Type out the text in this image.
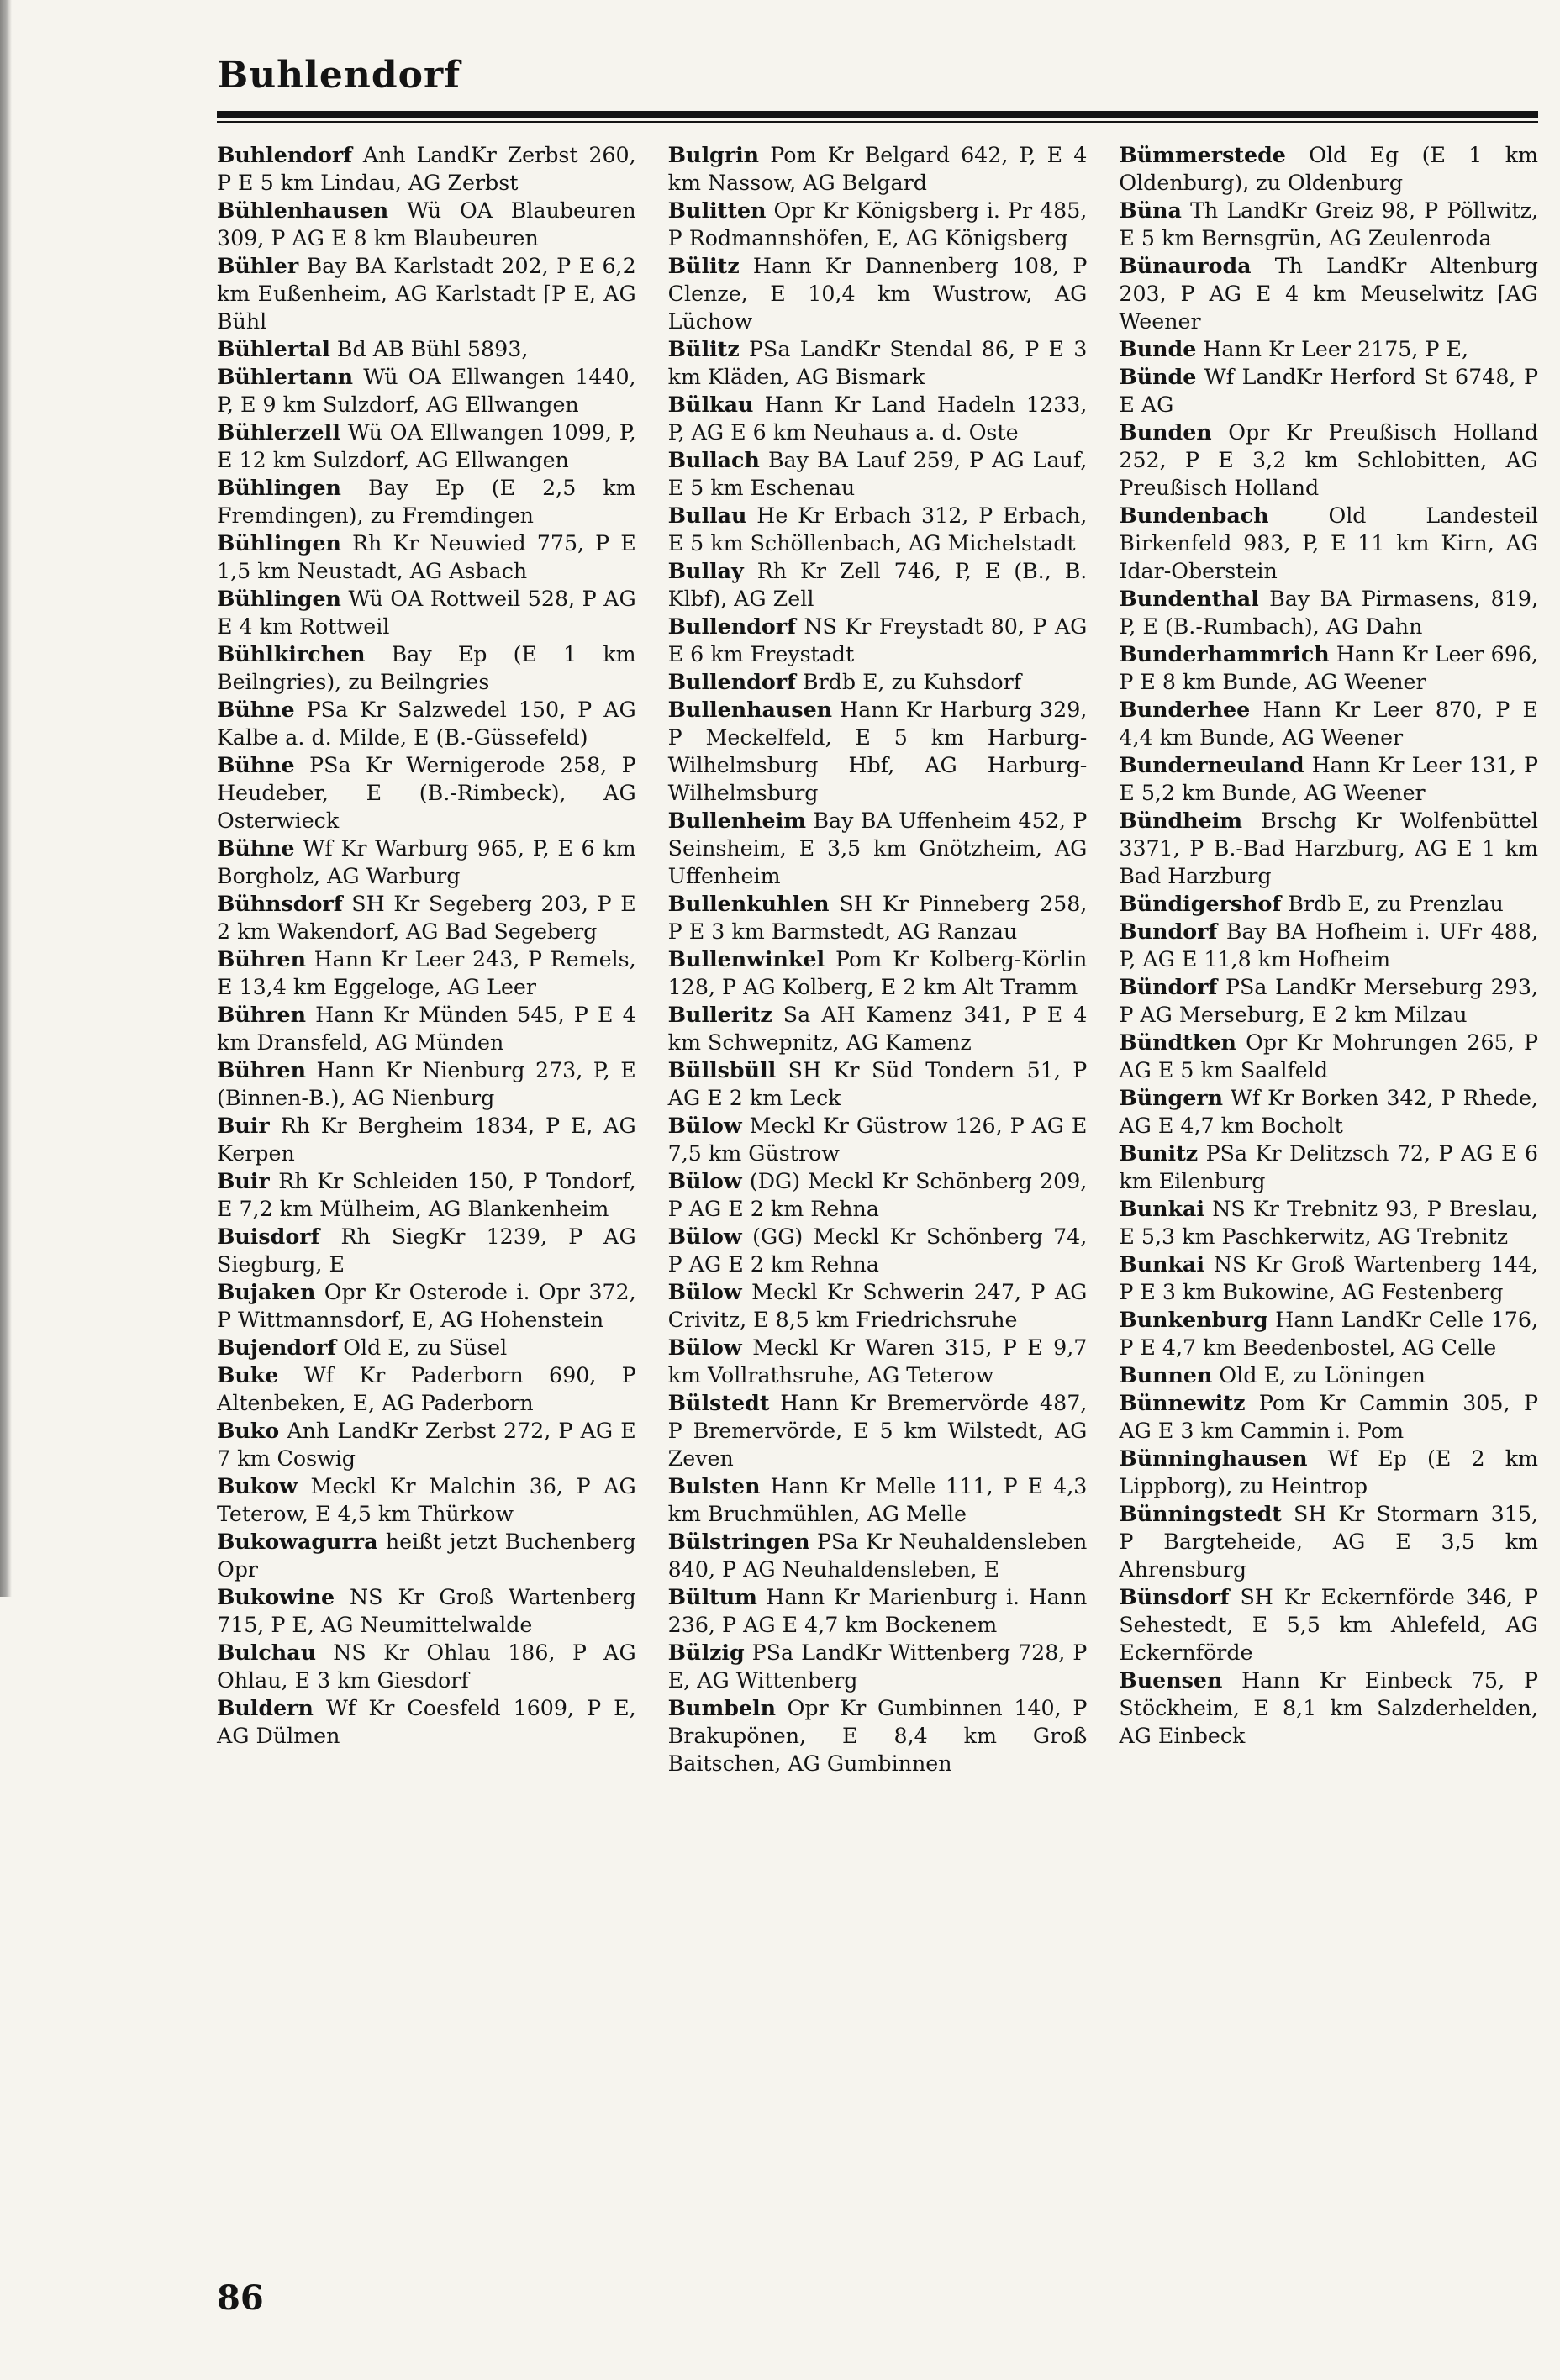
Buhlendorf

Buhlendorf Anh LandKr Zerbst 260, P E 5 km Lindau, AG Zerbst

Bühlenhausen Wü OA Blaubeuren 309, P AG E 8 km Blaubeuren

Bühler Bay BA Karlstadt 202, P E 6,2 km Eußenheim, AG Karlstadt ⌈P E, AG Bühl

Bühlertal Bd AB Bühl 5893,

Bühlertann Wü OA Ellwangen 1440, P, E 9 km Sulzdorf, AG Ellwangen

Bühlerzell Wü OA Ellwangen 1099, P, E 12 km Sulzdorf, AG Ellwangen

Bühlingen Bay Ep (E 2,5 km Fremdingen), zu Fremdingen

Bühlingen Rh Kr Neuwied 775, P E 1,5 km Neustadt, AG Asbach

Bühlingen Wü OA Rottweil 528, P AG E 4 km Rottweil

Bühlkirchen Bay Ep (E 1 km Beilngries), zu Beilngries

Bühne PSa Kr Salzwedel 150, P AG Kalbe a. d. Milde, E (B.-Güssefeld)

Bühne PSa Kr Wernigerode 258, P Heudeber, E (B.-Rimbeck), AG Osterwieck

Bühne Wf Kr Warburg 965, P, E 6 km Borgholz, AG Warburg

Bühnsdorf SH Kr Segeberg 203, P E 2 km Wakendorf, AG Bad Segeberg

Bühren Hann Kr Leer 243, P Remels, E 13,4 km Eggelоge, AG Leer

Bühren Hann Kr Münden 545, P E 4 km Dransfeld, AG Münden

Bühren Hann Kr Nienburg 273, P, E (Binnen-B.), AG Nienburg

Buir Rh Kr Bergheim 1834, P E, AG Kerpen

Buir Rh Kr Schleiden 150, P Tondorf, E 7,2 km Mülheim, AG Blankenheim

Buisdorf Rh SiegKr 1239, P AG Siegburg, E

Bujaken Opr Kr Osterode i. Opr 372, P Wittmannsdorf, E, AG Hohenstein

Bujendorf Old E, zu Süsel

Buke Wf Kr Paderborn 690, P Altenbeken, E, AG Paderborn

Buko Anh LandKr Zerbst 272, P AG E 7 km Coswig

Bukow Meckl Kr Malchin 36, P AG Teterow, E 4,5 km Thürkow

Bukowagurra heißt jetzt Buchenberg Opr

Bukowine NS Kr Groß Wartenberg 715, P E, AG Neumittelwalde

Bulchau NS Kr Ohlau 186, P AG Ohlau, E 3 km Giesdorf

Buldern Wf Kr Coesfeld 1609, P E, AG Dülmen

Bulgrin Pom Kr Belgard 642, P, E 4 km Nassow, AG Belgard

Bulitten Opr Kr Königsberg i. Pr 485, P Rodmannshöfen, E, AG Königsberg

Bülitz Hann Kr Dannenberg 108, P Clenze, E 10,4 km Wustrow, AG Lüchow

Bülitz PSa LandKr Stendal 86, P E 3 km Kläden, AG Bismark

Bülkau Hann Kr Land Hadeln 1233, P, AG E 6 km Neuhaus a. d. Oste

Bullach Bay BA Lauf 259, P AG Lauf, E 5 km Eschenau

Bullau He Kr Erbach 312, P Erbach, E 5 km Schöllenbach, AG Michelstadt

Bullay Rh Kr Zell 746, P, E (B., B. Klbf), AG Zell

Bullendorf NS Kr Freystadt 80, P AG E 6 km Freystadt

Bullendorf Brdb E, zu Kuhsdorf

Bullenhausen Hann Kr Harburg 329, P Meckelfeld, E 5 km Harburg-Wilhelmsburg Hbf, AG Harburg-Wilhelmsburg

Bullenheim Bay BA Uffenheim 452, P Seinsheim, E 3,5 km Gnötzheim, AG Uffenheim

Bullenkuhlen SH Kr Pinneberg 258, P E 3 km Barmstedt, AG Ranzau

Bullenwinkel Pom Kr Kolberg-Körlin 128, P AG Kolberg, E 2 km Alt Tramm

Bulleritz Sa AH Kamenz 341, P E 4 km Schwepnitz, AG Kamenz

Büllsbüll SH Kr Süd Tondern 51, P AG E 2 km Leck

Bülow Meckl Kr Güstrow 126, P AG E 7,5 km Güstrow

Bülow (DG) Meckl Kr Schönberg 209, P AG E 2 km Rehna

Bülow (GG) Meckl Kr Schönberg 74, P AG E 2 km Rehna

Bülow Meckl Kr Schwerin 247, P AG Crivitz, E 8,5 km Friedrichsruhe

Bülow Meckl Kr Waren 315, P E 9,7 km Vollrathsruhe, AG Teterow

Bülstedt Hann Kr Bremervörde 487, P Bremervörde, E 5 km Wilstedt, AG Zeven

Bulsten Hann Kr Melle 111, P E 4,3 km Bruchmühlen, AG Melle

Bülstringen PSa Kr Neuhaldensleben 840, P AG Neuhaldensleben, E

Bültum Hann Kr Marienburg i. Hann 236, P AG E 4,7 km Bockenem

Bülzig PSa LandKr Wittenberg 728, P E, AG Wittenberg

Bumbeln Opr Kr Gumbinnen 140, P Brakupönen, E 8,4 km Groß Baitschen, AG Gumbinnen

Bümmerstede Old Eg (E 1 km Oldenburg), zu Oldenburg

Büna Th LandKr Greiz 98, P Pöllwitz, E 5 km Bernsgrün, AG Zeulenroda

Bünauroda Th LandKr Altenburg 203, P AG E 4 km Meuselwitz ⌈AG Weener

Bunde Hann Kr Leer 2175, P E,

Bünde Wf LandKr Herford St 6748, P E AG

Bunden Opr Kr Preußisch Holland 252, P E 3,2 km Schlobitten, AG Preußisch Holland

Bundenbach Old Landesteil Birkenfeld 983, P, E 11 km Kirn, AG Idar-Oberstein

Bundenthal Bay BA Pirmasens, 819, P, E (B.-Rumbach), AG Dahn

Bunderhammrich Hann Kr Leer 696, P E 8 km Bunde, AG Weener

Bunderhee Hann Kr Leer 870, P E 4,4 km Bunde, AG Weener

Bunderneuland Hann Kr Leer 131, P E 5,2 km Bunde, AG Weener

Bündheim Brschg Kr Wolfenbüttel 3371, P B.-Bad Harzburg, AG E 1 km Bad Harzburg

Bündigershof Brdb E, zu Prenzlau

Bundorf Bay BA Hofheim i. UFr 488, P, AG E 11,8 km Hofheim

Bündorf PSa LandKr Merseburg 293, P AG Merseburg, E 2 km Milzau

Bündtken Opr Kr Mohrungen 265, P AG E 5 km Saalfeld

Büngern Wf Kr Borken 342, P Rhede, AG E 4,7 km Bocholt

Bunitz PSa Kr Delitzsch 72, P AG E 6 km Eilenburg

Bunkai NS Kr Trebnitz 93, P Breslau, E 5,3 km Paschkerwitz, AG Trebnitz

Bunkai NS Kr Groß Wartenberg 144, P E 3 km Bukowine, AG Festenberg

Bunkenburg Hann LandKr Celle 176, P E 4,7 km Beedenbostel, AG Celle

Bunnen Old E, zu Löningen

Bünnewitz Pom Kr Cammin 305, P AG E 3 km Cammin i. Pom

Bünninghausen Wf Ep (E 2 km Lippborg), zu Heintrop

Bünningstedt SH Kr Stormarn 315, P Bargteheide, AG E 3,5 km Ahrensburg

Bünsdorf SH Kr Eckernförde 346, P Sehestedt, E 5,5 km Ahlefeld, AG Eckernförde

Buensen Hann Kr Einbeck 75, P Stöckheim, E 8,1 km Salzderhelden, AG Einbeck

86
